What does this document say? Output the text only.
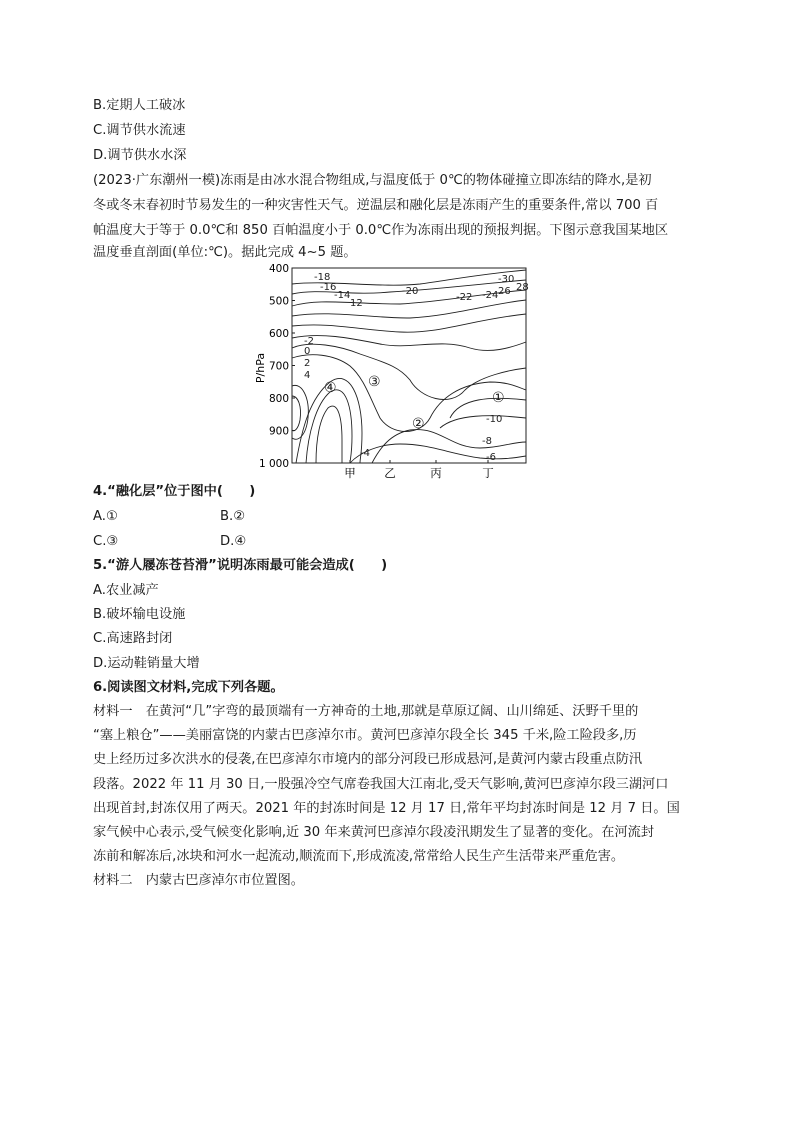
B.定期人工破冰
C.调节供水流速
D.调节供水水深
(2023·广东潮州一模)冻雨是由冰水混合物组成,与温度低于 0℃的物体碰撞立即冻结的降水,是初
冬或冬末春初时节易发生的一种灾害性天气。逆温层和融化层是冻雨产生的重要条件,常以 700 百
帕温度大于等于 0.0℃和 850 百帕温度小于 0.0℃作为冻雨出现的预报判据。下图示意我国某地区
温度垂直剖面(单位:℃)。据此完成 4~5 题。
P/hPa
400
500
600
700
800
900
1 000
甲 乙	丙	丁
-18
-16
-14
12
-20
-22 -24 26
-30
28
-2
0
2
4
-10
-8
-6
-4
①
②
③
④
4.“融化层”位于图中(　　)
A.①	B.②
C.③	D.④
5.“游人屦冻苍苔滑”说明冻雨最可能会造成(　　)
A.农业减产
B.破坏输电设施
C.高速路封闭
D.运动鞋销量大增
6.阅读图文材料,完成下列各题。
材料一　在黄河“几”字弯的最顶端有一方神奇的土地,那就是草原辽阔、山川绵延、沃野千里的
“塞上粮仓”——美丽富饶的内蒙古巴彦淖尔市。黄河巴彦淖尔段全长 345 千米,险工险段多,历
史上经历过多次洪水的侵袭,在巴彦淖尔市境内的部分河段已形成悬河,是黄河内蒙古段重点防汛
段落。2022 年 11 月 30 日,一股强冷空气席卷我国大江南北,受天气影响,黄河巴彦淖尔段三湖河口
出现首封,封冻仅用了两天。2021 年的封冻时间是 12 月 17 日,常年平均封冻时间是 12 月 7 日。国
家气候中心表示,受气候变化影响,近 30 年来黄河巴彦淖尔段凌汛期发生了显著的变化。在河流封
冻前和解冻后,冰块和河水一起流动,顺流而下,形成流凌,常常给人民生产生活带来严重危害。
材料二　内蒙古巴彦淖尔市位置图。
